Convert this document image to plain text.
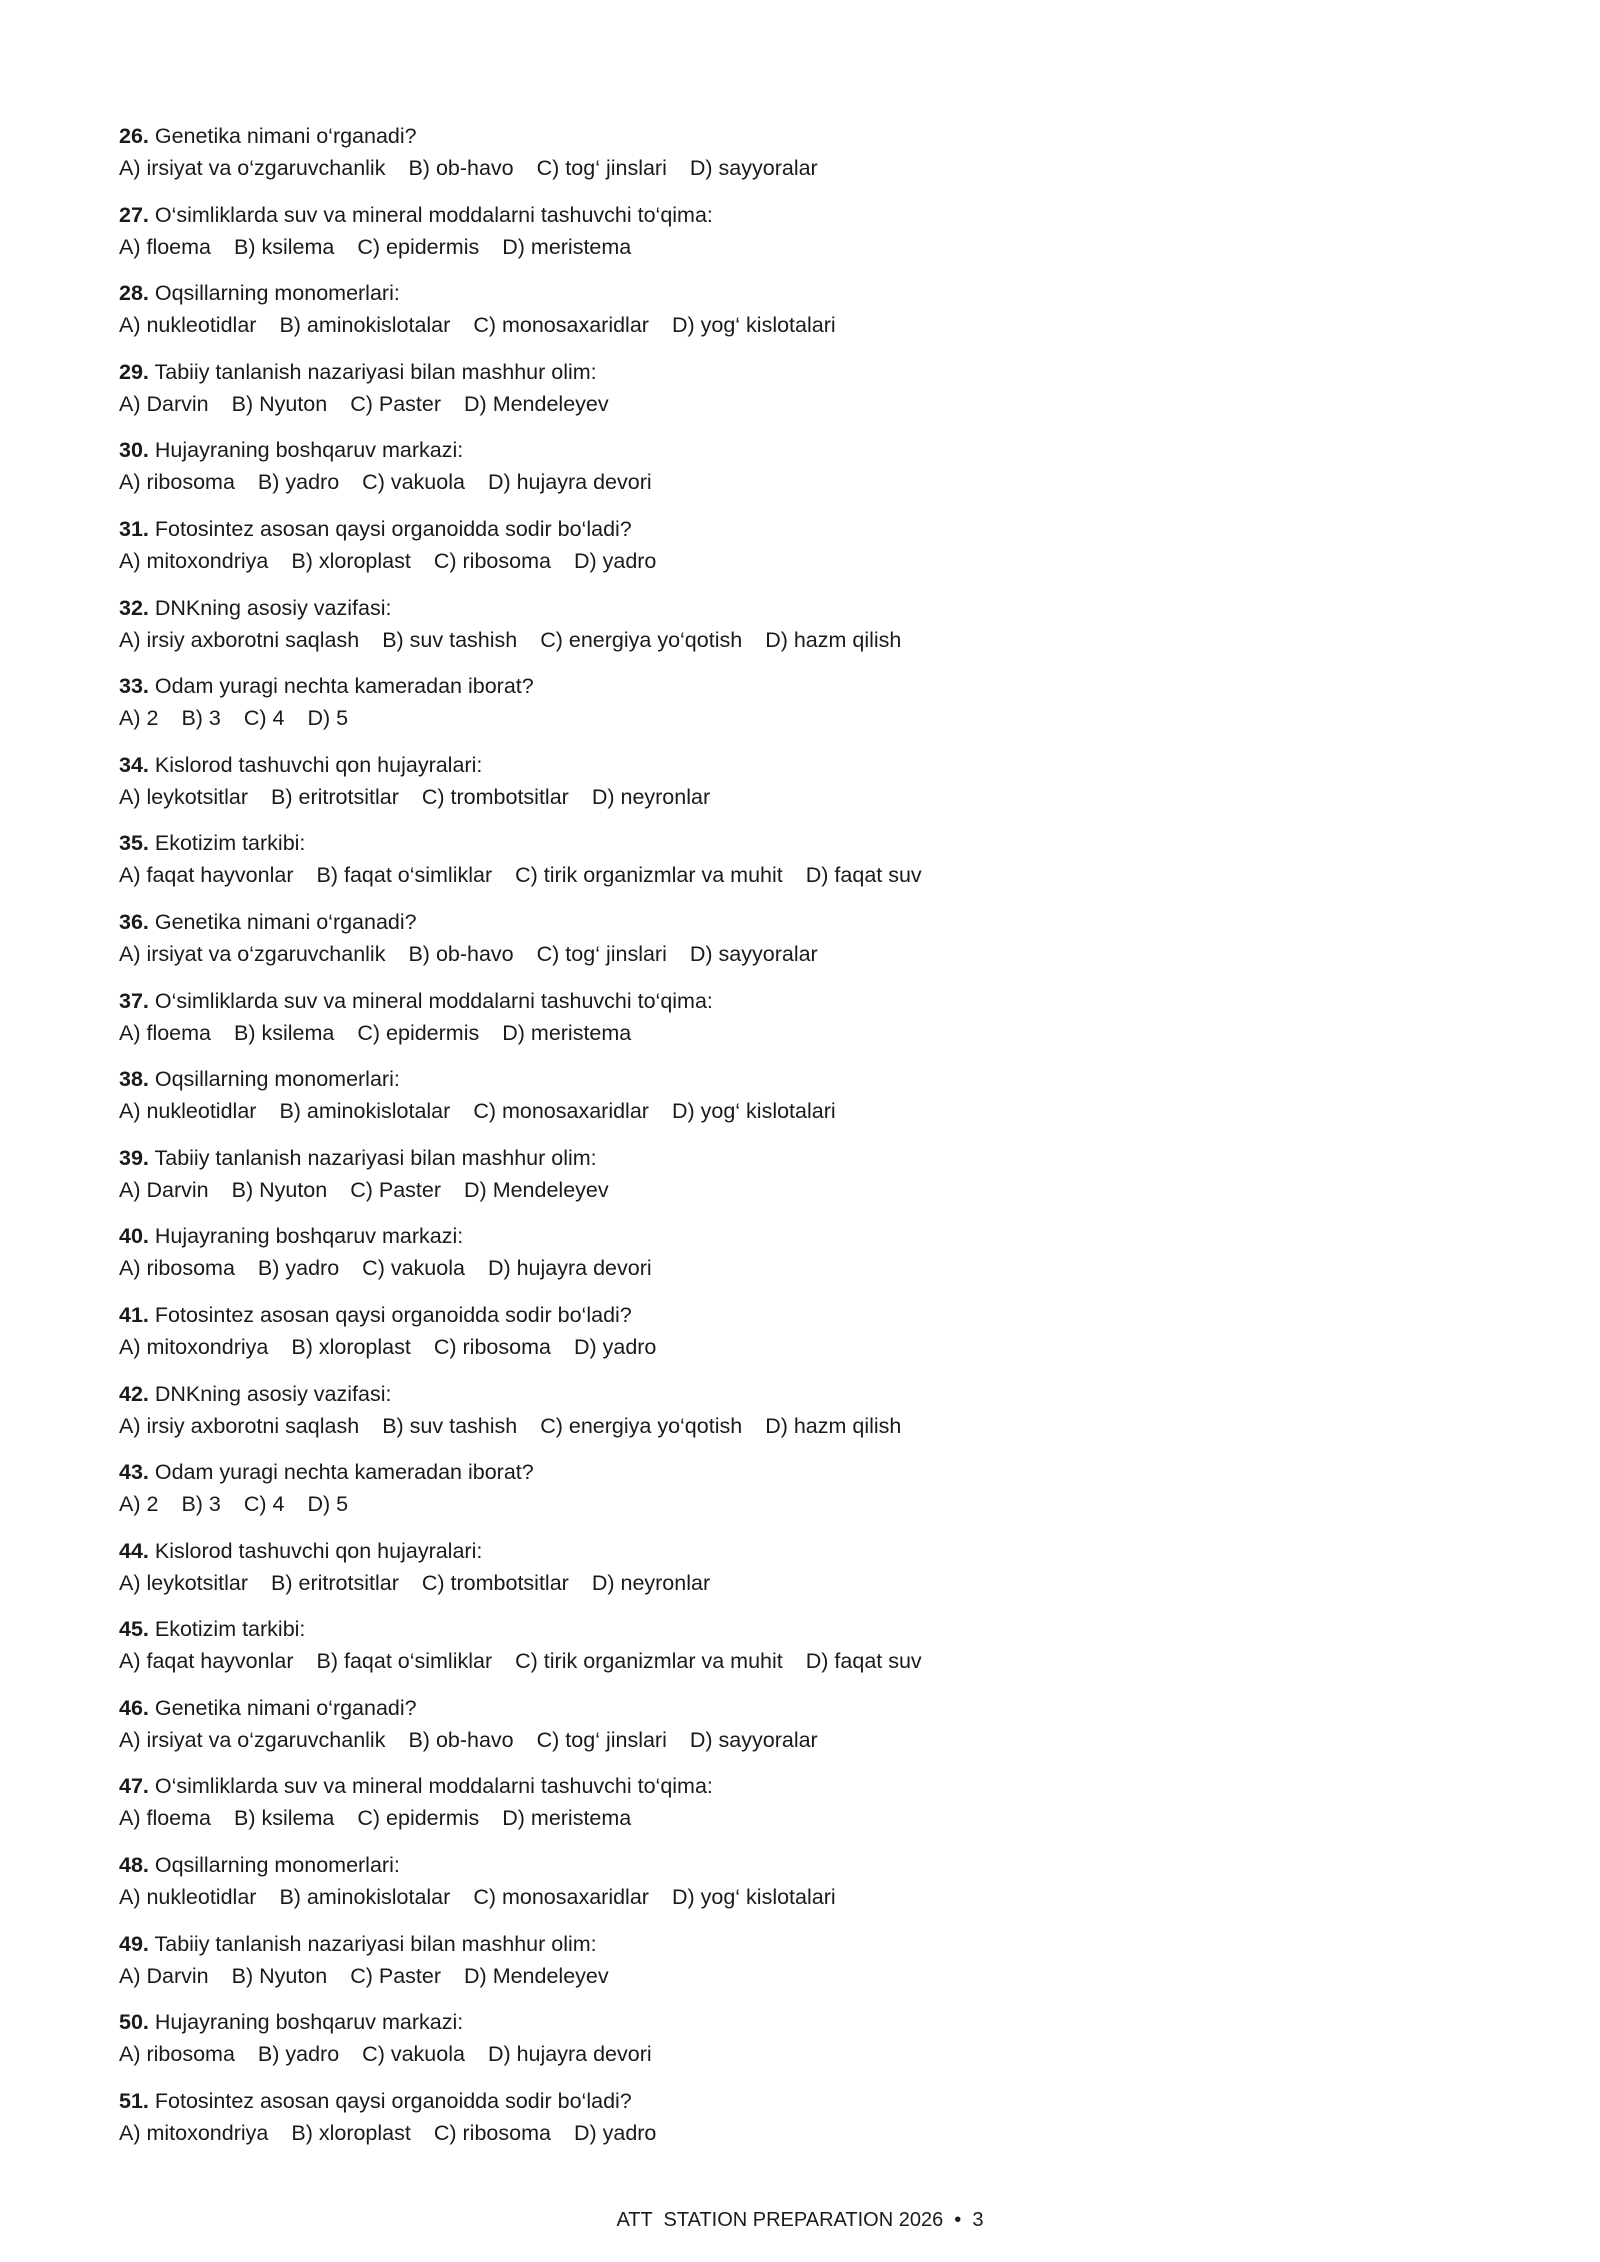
26. Genetika nimani o‘rganadi?
A) irsiyat va o‘zgaruvchanlik B) ob-havo C) tog‘ jinslari D) sayyoralar
27. O‘simliklarda suv va mineral moddalarni tashuvchi to‘qima:
A) floema B) ksilema C) epidermis D) meristema
28. Oqsillarning monomerlari:
A) nukleotidlar B) aminokislotalar C) monosaxaridlar D) yog‘ kislotalari
29. Tabiiy tanlanish nazariyasi bilan mashhur olim:
A) Darvin B) Nyuton C) Paster D) Mendeleyev
30. Hujayraning boshqaruv markazi:
A) ribosoma B) yadro C) vakuola D) hujayra devori
31. Fotosintez asosan qaysi organoidda sodir bo‘ladi?
A) mitoxondriya B) xloroplast C) ribosoma D) yadro
32. DNKning asosiy vazifasi:
A) irsiy axborotni saqlash B) suv tashish C) energiya yo‘qotish D) hazm qilish
33. Odam yuragi nechta kameradan iborat?
A) 2 B) 3 C) 4 D) 5
34. Kislorod tashuvchi qon hujayralari:
A) leykotsitlar B) eritrotsitlar C) trombotsitlar D) neyronlar
35. Ekotizim tarkibi:
A) faqat hayvonlar B) faqat o‘simliklar C) tirik organizmlar va muhit D) faqat suv
36. Genetika nimani o‘rganadi?
A) irsiyat va o‘zgaruvchanlik B) ob-havo C) tog‘ jinslari D) sayyoralar
37. O‘simliklarda suv va mineral moddalarni tashuvchi to‘qima:
A) floema B) ksilema C) epidermis D) meristema
38. Oqsillarning monomerlari:
A) nukleotidlar B) aminokislotalar C) monosaxaridlar D) yog‘ kislotalari
39. Tabiiy tanlanish nazariyasi bilan mashhur olim:
A) Darvin B) Nyuton C) Paster D) Mendeleyev
40. Hujayraning boshqaruv markazi:
A) ribosoma B) yadro C) vakuola D) hujayra devori
41. Fotosintez asosan qaysi organoidda sodir bo‘ladi?
A) mitoxondriya B) xloroplast C) ribosoma D) yadro
42. DNKning asosiy vazifasi:
A) irsiy axborotni saqlash B) suv tashish C) energiya yo‘qotish D) hazm qilish
43. Odam yuragi nechta kameradan iborat?
A) 2 B) 3 C) 4 D) 5
44. Kislorod tashuvchi qon hujayralari:
A) leykotsitlar B) eritrotsitlar C) trombotsitlar D) neyronlar
45. Ekotizim tarkibi:
A) faqat hayvonlar B) faqat o‘simliklar C) tirik organizmlar va muhit D) faqat suv
46. Genetika nimani o‘rganadi?
A) irsiyat va o‘zgaruvchanlik B) ob-havo C) tog‘ jinslari D) sayyoralar
47. O‘simliklarda suv va mineral moddalarni tashuvchi to‘qima:
A) floema B) ksilema C) epidermis D) meristema
48. Oqsillarning monomerlari:
A) nukleotidlar B) aminokislotalar C) monosaxaridlar D) yog‘ kislotalari
49. Tabiiy tanlanish nazariyasi bilan mashhur olim:
A) Darvin B) Nyuton C) Paster D) Mendeleyev
50. Hujayraning boshqaruv markazi:
A) ribosoma B) yadro C) vakuola D) hujayra devori
51. Fotosintez asosan qaysi organoidda sodir bo‘ladi?
A) mitoxondriya B) xloroplast C) ribosoma D) yadro
ATT  STATION PREPARATION 2026  •  3
